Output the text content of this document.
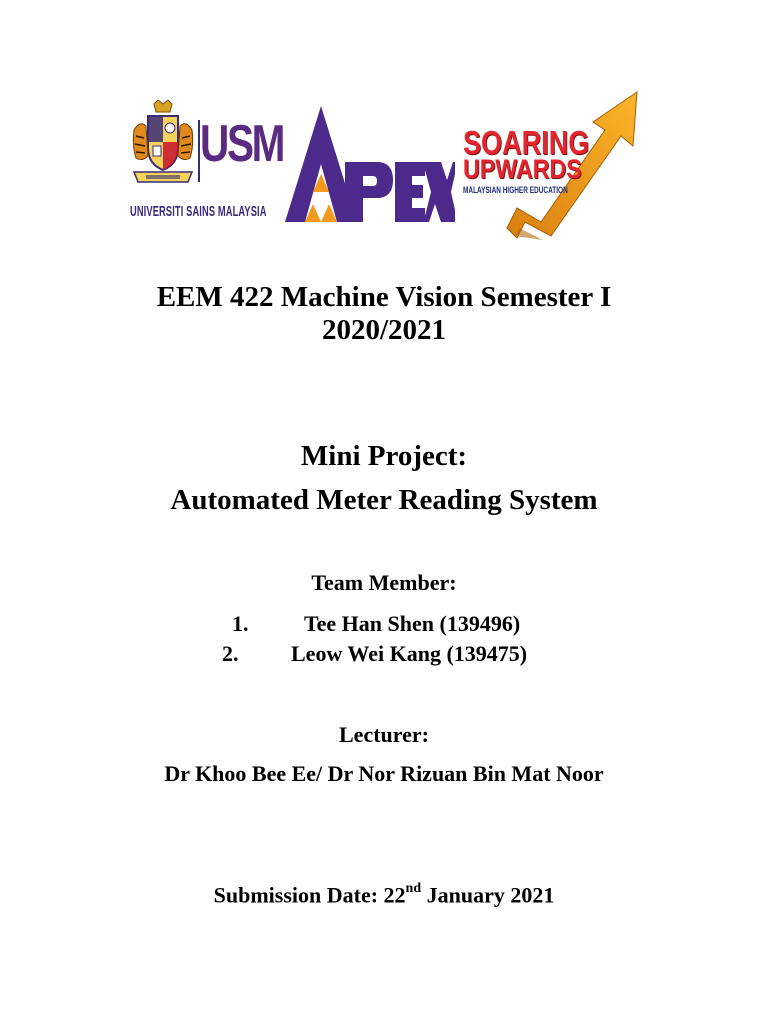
USM
UNIVERSITI SAINS MALAYSIA
SOARING
UPWARDS
MALAYSIAN HIGHER EDUCATION
EEM 422 Machine Vision Semester I
2020/2021
Mini Project:
Automated Meter Reading System
Team Member:
1.	Tee Han Shen (139496)
2. Leow Wei Kang (139475)
Lecturer:
Dr Khoo Bee Ee/ Dr Nor Rizuan Bin Mat Noor
Submission Date: 22nd January 2021
